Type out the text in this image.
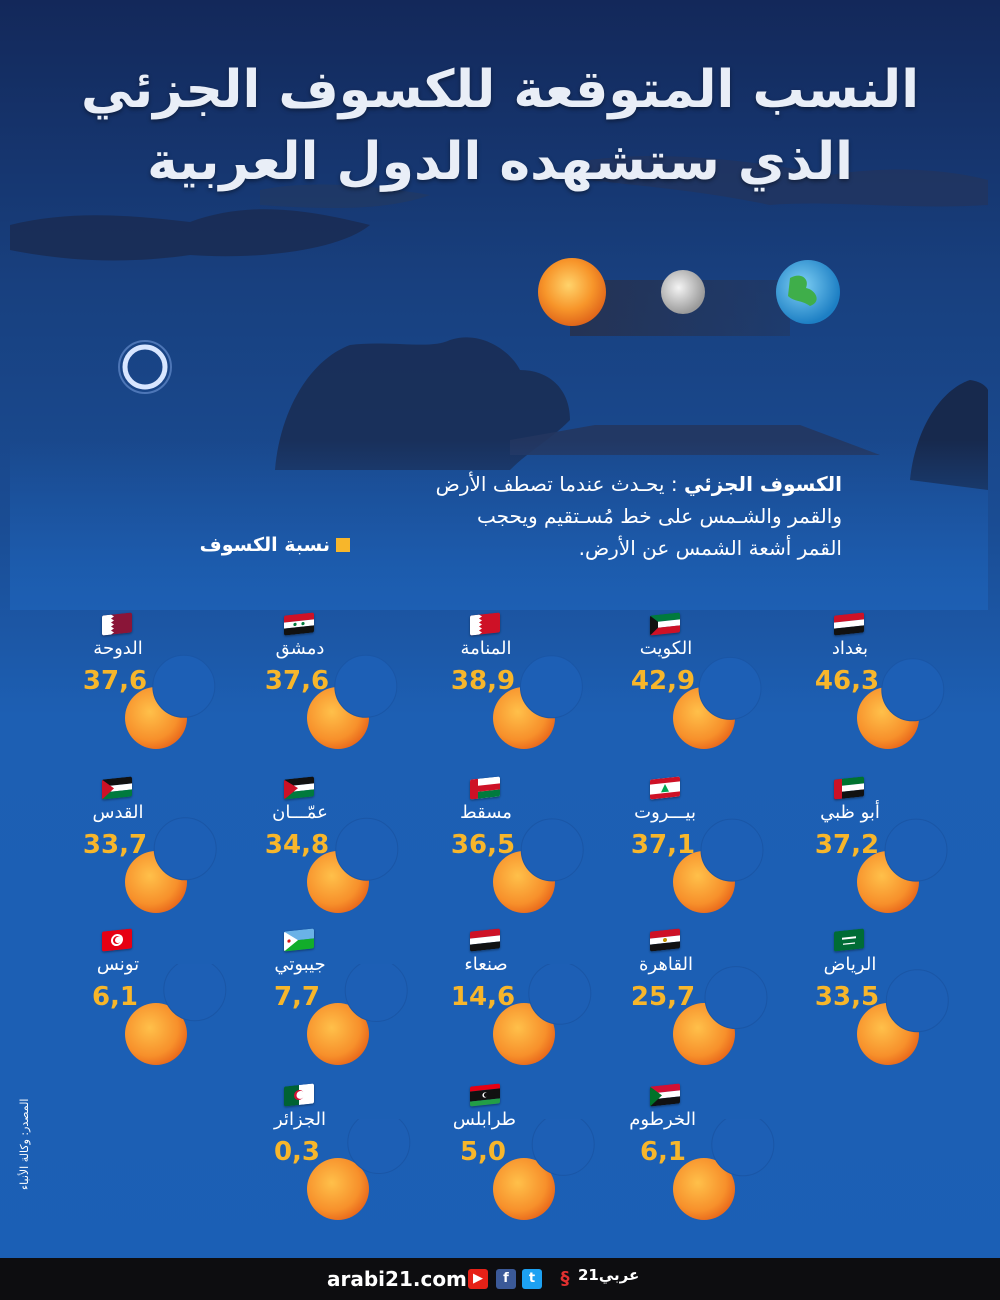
المصدر: وكالة الأنباء
النسب المتوقعة للكسوف الجزئي
الذي ستشهده الدول العربية
الكسوف الجزئي : يحـدث عندما تصطف الأرض والقمر والشـمس على خط مُسـتقيم ويحجب القمر أشعة الشمس عن الأرض.
نسبة الكسوف
بغداد
46,3
الكويت
42,9
المنامة
38,9
دمشق
37,6
الدوحة
37,6
أبو ظبي
37,2
بيـــروت
37,1
مسقط
36,5
عمّـــان
34,8
القدس
33,7
الرياض
33,5
القاهرة
25,7
صنعاء
14,6
جيبوتي
7,7
تونس
6,1
الخرطوم
6,1
طرابلس
5,0
الجزائر
0,3
arabi21.com ▶	f	t	§ عربي21
